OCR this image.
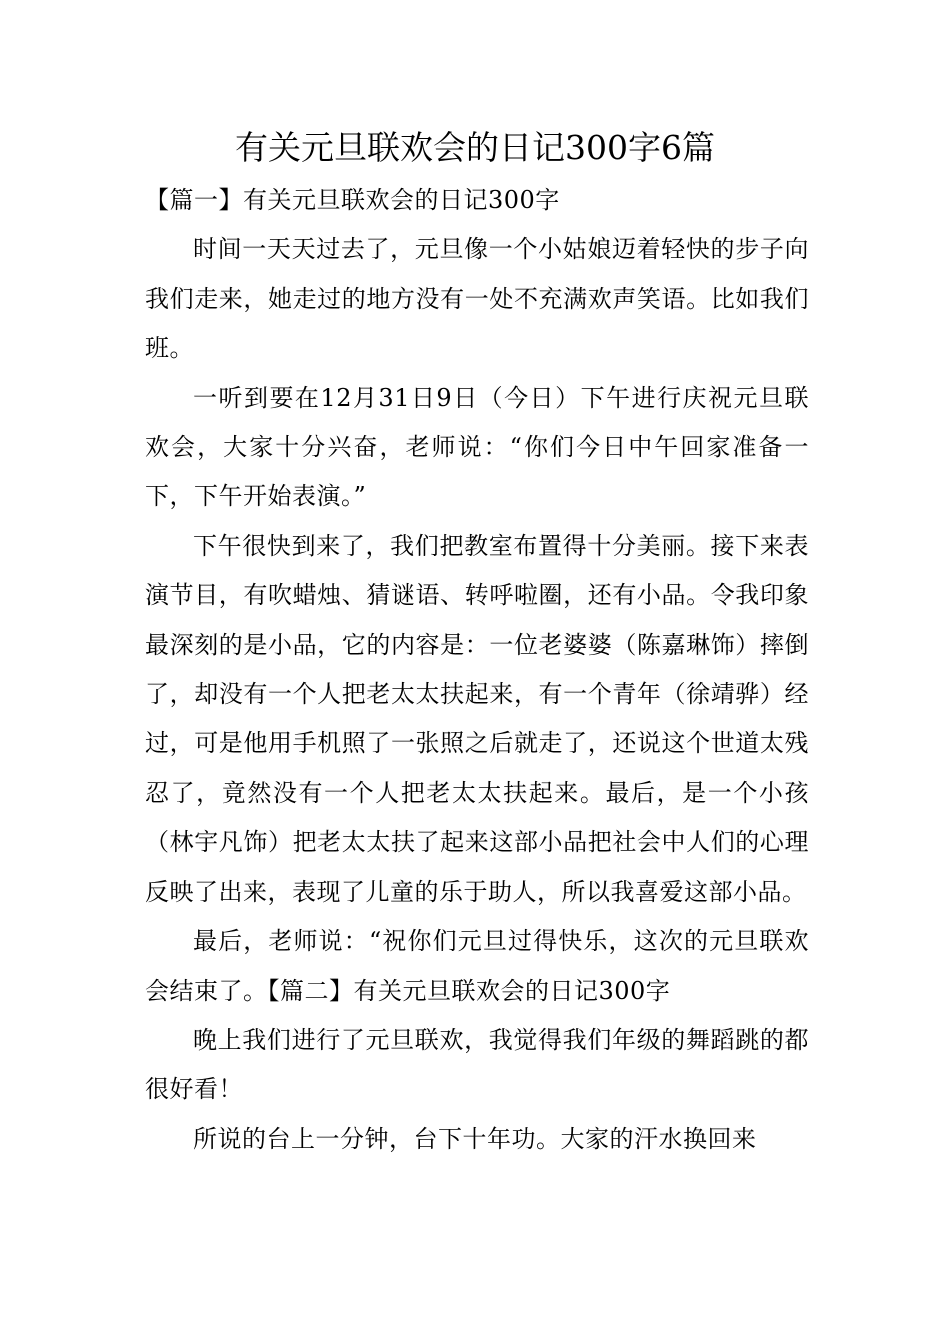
有关元旦联欢会的日记300字6篇

【篇一】有关元旦联欢会的日记300字

时间一天天过去了，元旦像一个小姑娘迈着轻快的步子向我们走来，她走过的地方没有一处不充满欢声笑语。比如我们班。

一听到要在12月31日9日（今日）下午进行庆祝元旦联欢会，大家十分兴奋，老师说：“你们今日中午回家准备一下，下午开始表演。”

下午很快到来了，我们把教室布置得十分美丽。接下来表演节目，有吹蜡烛、猜谜语、转呼啦圈，还有小品。令我印象最深刻的是小品，它的内容是：一位老婆婆（陈嘉琳饰）摔倒了，却没有一个人把老太太扶起来，有一个青年（徐靖骅）经过，可是他用手机照了一张照之后就走了，还说这个世道太残忍了，竟然没有一个人把老太太扶起来。最后，是一个小孩（林宇凡饰）把老太太扶了起来这部小品把社会中人们的心理反映了出来，表现了儿童的乐于助人，所以我喜爱这部小品。

最后，老师说：“祝你们元旦过得快乐，这次的元旦联欢会结束了。【篇二】有关元旦联欢会的日记300字

晚上我们进行了元旦联欢，我觉得我们年级的舞蹈跳的都很好看！

所说的台上一分钟，台下十年功。大家的汗水换回来
